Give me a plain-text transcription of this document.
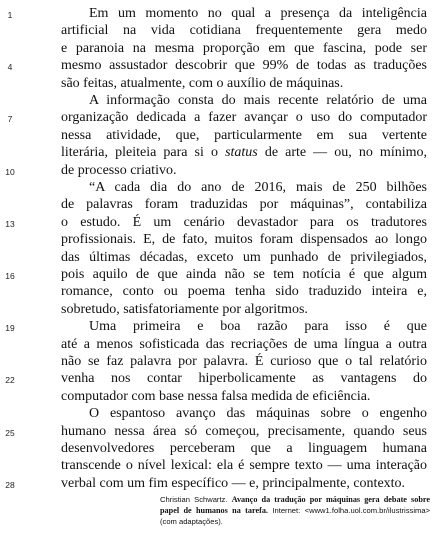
Christian Schwartz. Avanço da tradução por máquinas gera debate sobre papel de humanos na tarefa. Internet: <www1.folha.uol.com.br/ilustrissima> (com adaptações).
Em um momento no qual a presença da inteligência
artificial na vida cotidiana frequentemente gera medo
e paranoia na mesma proporção em que fascina, pode ser
mesmo assustador descobrir que 99% de todas as traduções
são feitas, atualmente, com o auxílio de máquinas.
A informação consta do mais recente relatório de uma
organização dedicada a fazer avançar o uso do computador
nessa atividade, que, particularmente em sua vertente
literária, pleiteia para si o status de arte — ou, no mínimo,
de processo criativo.
“A cada dia do ano de 2016, mais de 250 bilhões
de palavras foram traduzidas por máquinas”, contabiliza
o estudo. É um cenário devastador para os tradutores
profissionais. E, de fato, muitos foram dispensados ao longo
das últimas décadas, exceto um punhado de privilegiados,
pois aquilo de que ainda não se tem notícia é que algum
romance, conto ou poema tenha sido traduzido inteira e,
sobretudo, satisfatoriamente por algoritmos.
Uma primeira e boa razão para isso é que
até a menos sofisticada das recriações de uma língua a outra
não se faz palavra por palavra. É curioso que o tal relatório
venha nos contar hiperbolicamente as vantagens do
computador com base nessa falsa medida de eficiência.
O espantoso avanço das máquinas sobre o engenho
humano nessa área só começou, precisamente, quando seus
desenvolvedores perceberam que a linguagem humana
transcende o nível lexical: ela é sempre texto — uma interação
verbal com um fim específico — e, principalmente, contexto.
1
4
7
10
13
16
19
22
25
28
